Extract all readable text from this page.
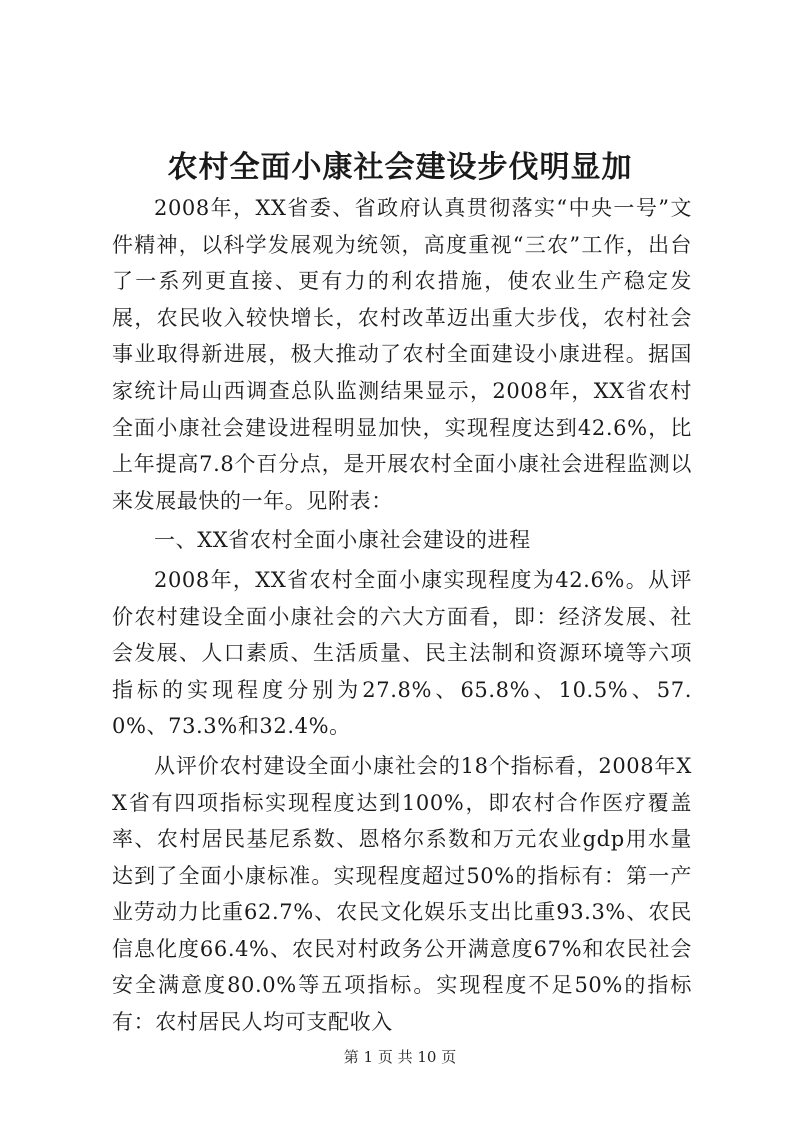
农村全面小康社会建设步伐明显加

2008年，XX省委、省政府认真贯彻落实“中央一号”文件精神，以科学发展观为统领，高度重视“三农”工作，出台了一系列更直接、更有力的利农措施，使农业生产稳定发展，农民收入较快增长，农村改革迈出重大步伐，农村社会事业取得新进展，极大推动了农村全面建设小康进程。据国家统计局山西调查总队监测结果显示，2008年，XX省农村全面小康社会建设进程明显加快，实现程度达到42.6%，比上年提高7.8个百分点，是开展农村全面小康社会进程监测以来发展最快的一年。见附表：

一、XX省农村全面小康社会建设的进程

2008年，XX省农村全面小康实现程度为42.6%。从评价农村建设全面小康社会的六大方面看，即：经济发展、社会发展、人口素质、生活质量、民主法制和资源环境等六项指标的实现程度分别为27.8%、65.8%、10.5%、57.0%、73.3%和32.4%。

从评价农村建设全面小康社会的18个指标看，2008年XX省有四项指标实现程度达到100%，即农村合作医疗覆盖率、农村居民基尼系数、恩格尔系数和万元农业gdp用水量达到了全面小康标准。实现程度超过50%的指标有：第一产业劳动力比重62.7%、农民文化娱乐支出比重93.3%、农民信息化度66.4%、农民对村政务公开满意度67%和农民社会安全满意度80.0%等五项指标。实现程度不足50%的指标有：农村居民人均可支配收入

第 1 页 共 10 页
